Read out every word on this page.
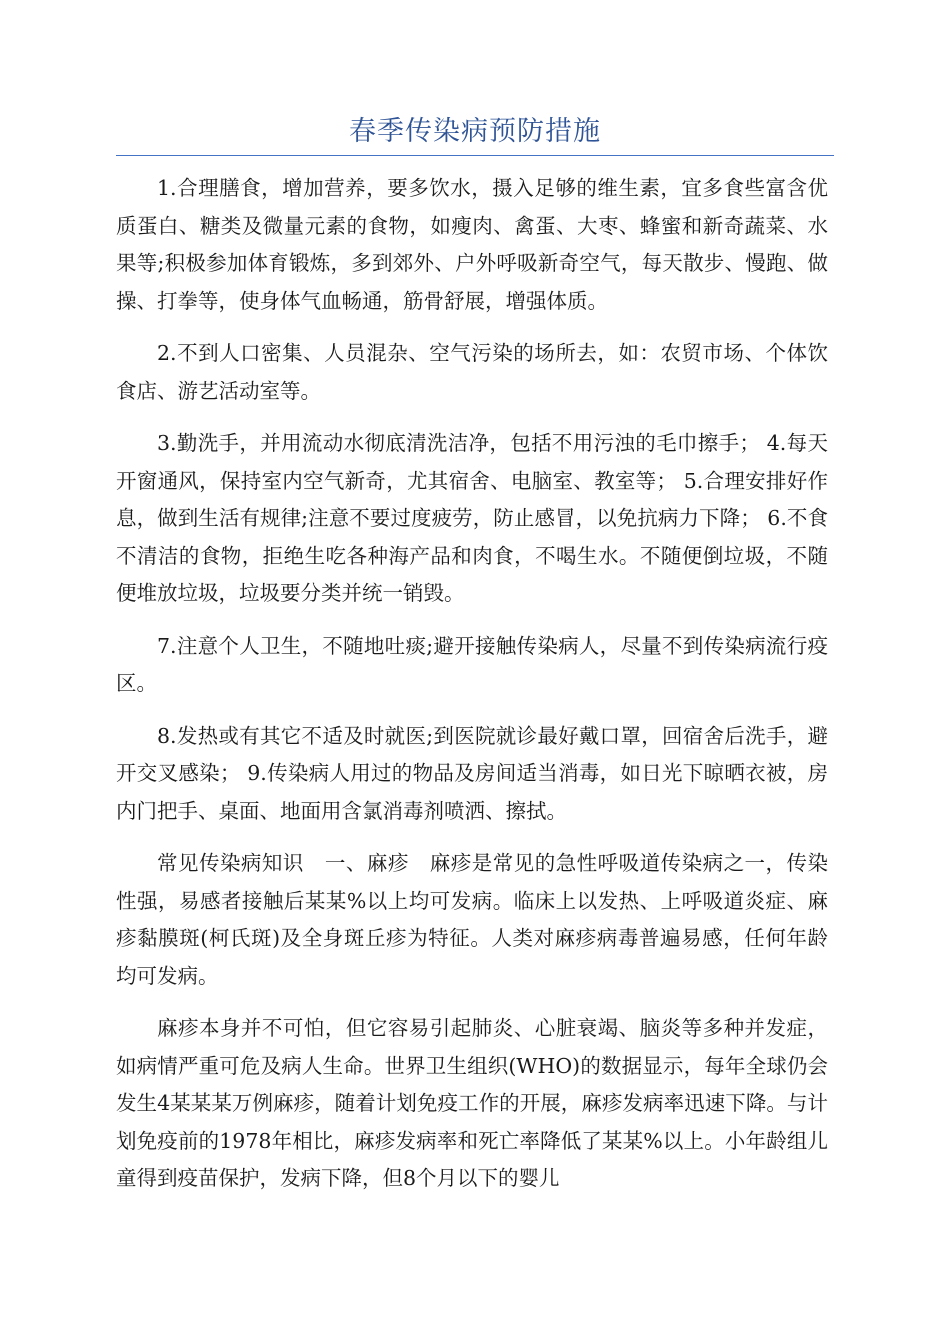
春季传染病预防措施

1.合理膳食，增加营养，要多饮水，摄入足够的维生素，宜多食些富含优质蛋白、糖类及微量元素的食物，如瘦肉、禽蛋、大枣、蜂蜜和新奇蔬菜、水果等;积极参加体育锻炼，多到郊外、户外呼吸新奇空气，每天散步、慢跑、做操、打拳等，使身体气血畅通，筋骨舒展，增强体质。

2.不到人口密集、人员混杂、空气污染的场所去，如：农贸市场、个体饮食店、游艺活动室等。

3.勤洗手，并用流动水彻底清洗洁净，包括不用污浊的毛巾擦手； 4.每天开窗通风，保持室内空气新奇，尤其宿舍、电脑室、教室等； 5.合理安排好作息，做到生活有规律;注意不要过度疲劳，防止感冒，以免抗病力下降； 6.不食不清洁的食物，拒绝生吃各种海产品和肉食，不喝生水。不随便倒垃圾，不随便堆放垃圾，垃圾要分类并统一销毁。

7.注意个人卫生，不随地吐痰;避开接触传染病人，尽量不到传染病流行疫区。

8.发热或有其它不适及时就医;到医院就诊最好戴口罩，回宿舍后洗手，避开交叉感染； 9.传染病人用过的物品及房间适当消毒，如日光下晾晒衣被，房内门把手、桌面、地面用含氯消毒剂喷洒、擦拭。

常见传染病知识　一、麻疹　麻疹是常见的急性呼吸道传染病之一，传染性强，易感者接触后某某%以上均可发病。临床上以发热、上呼吸道炎症、麻疹黏膜斑(柯氏斑)及全身斑丘疹为特征。人类对麻疹病毒普遍易感，任何年龄均可发病。

麻疹本身并不可怕，但它容易引起肺炎、心脏衰竭、脑炎等多种并发症，如病情严重可危及病人生命。世界卫生组织(WHO)的数据显示，每年全球仍会发生4某某某万例麻疹，随着计划免疫工作的开展，麻疹发病率迅速下降。与计划免疫前的1978年相比，麻疹发病率和死亡率降低了某某%以上。小年龄组儿童得到疫苗保护，发病下降，但8个月以下的婴儿
